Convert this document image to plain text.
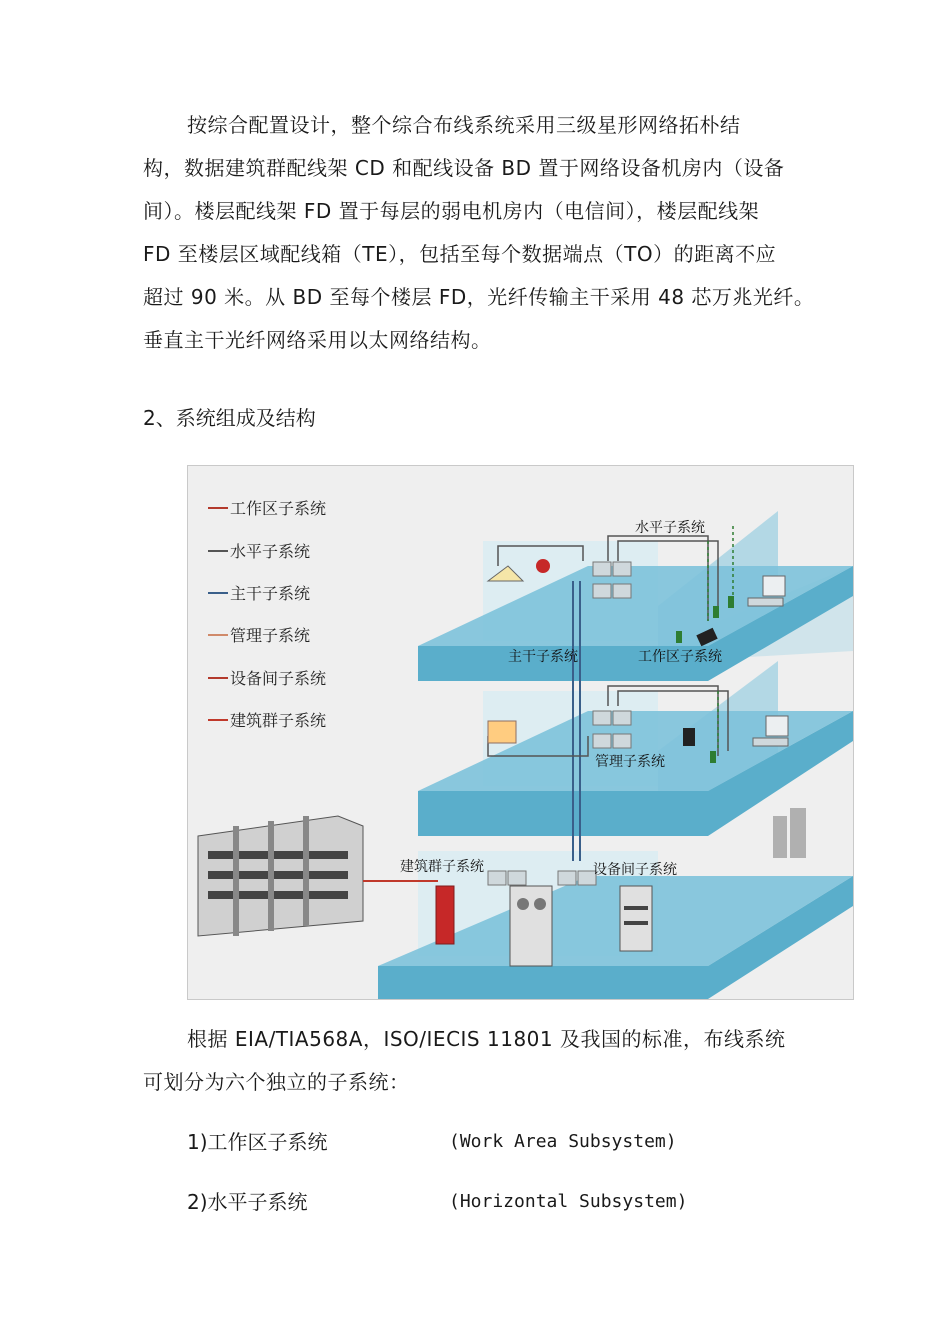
按综合配置设计，整个综合布线系统采用三级星形网络拓朴结
构，数据建筑群配线架 CD 和配线设备 BD 置于网络设备机房内（设备
间）。楼层配线架 FD 置于每层的弱电机房内（电信间），楼层配线架
FD 至楼层区域配线箱（TE），包括至每个数据端点（TO）的距离不应
超过 90 米。从 BD 至每个楼层 FD，光纤传输主干采用 48 芯万兆光纤。
垂直主干光纤网络采用以太网络结构。
2、系统组成及结构
工作区子系统
水平子系统
主干子系统
管理子系统
设备间子系统
建筑群子系统
水平子系统
主干子系统	工作区子系统
管理子系统
建筑群子系统	设备间子系统
根据 EIA/TIA568A，ISO/IECIS 11801 及我国的标准，布线系统
可划分为六个独立的子系统：
1)工作区子系统	(Work Area Subsystem)
2)水平子系统	(Horizontal Subsystem)
